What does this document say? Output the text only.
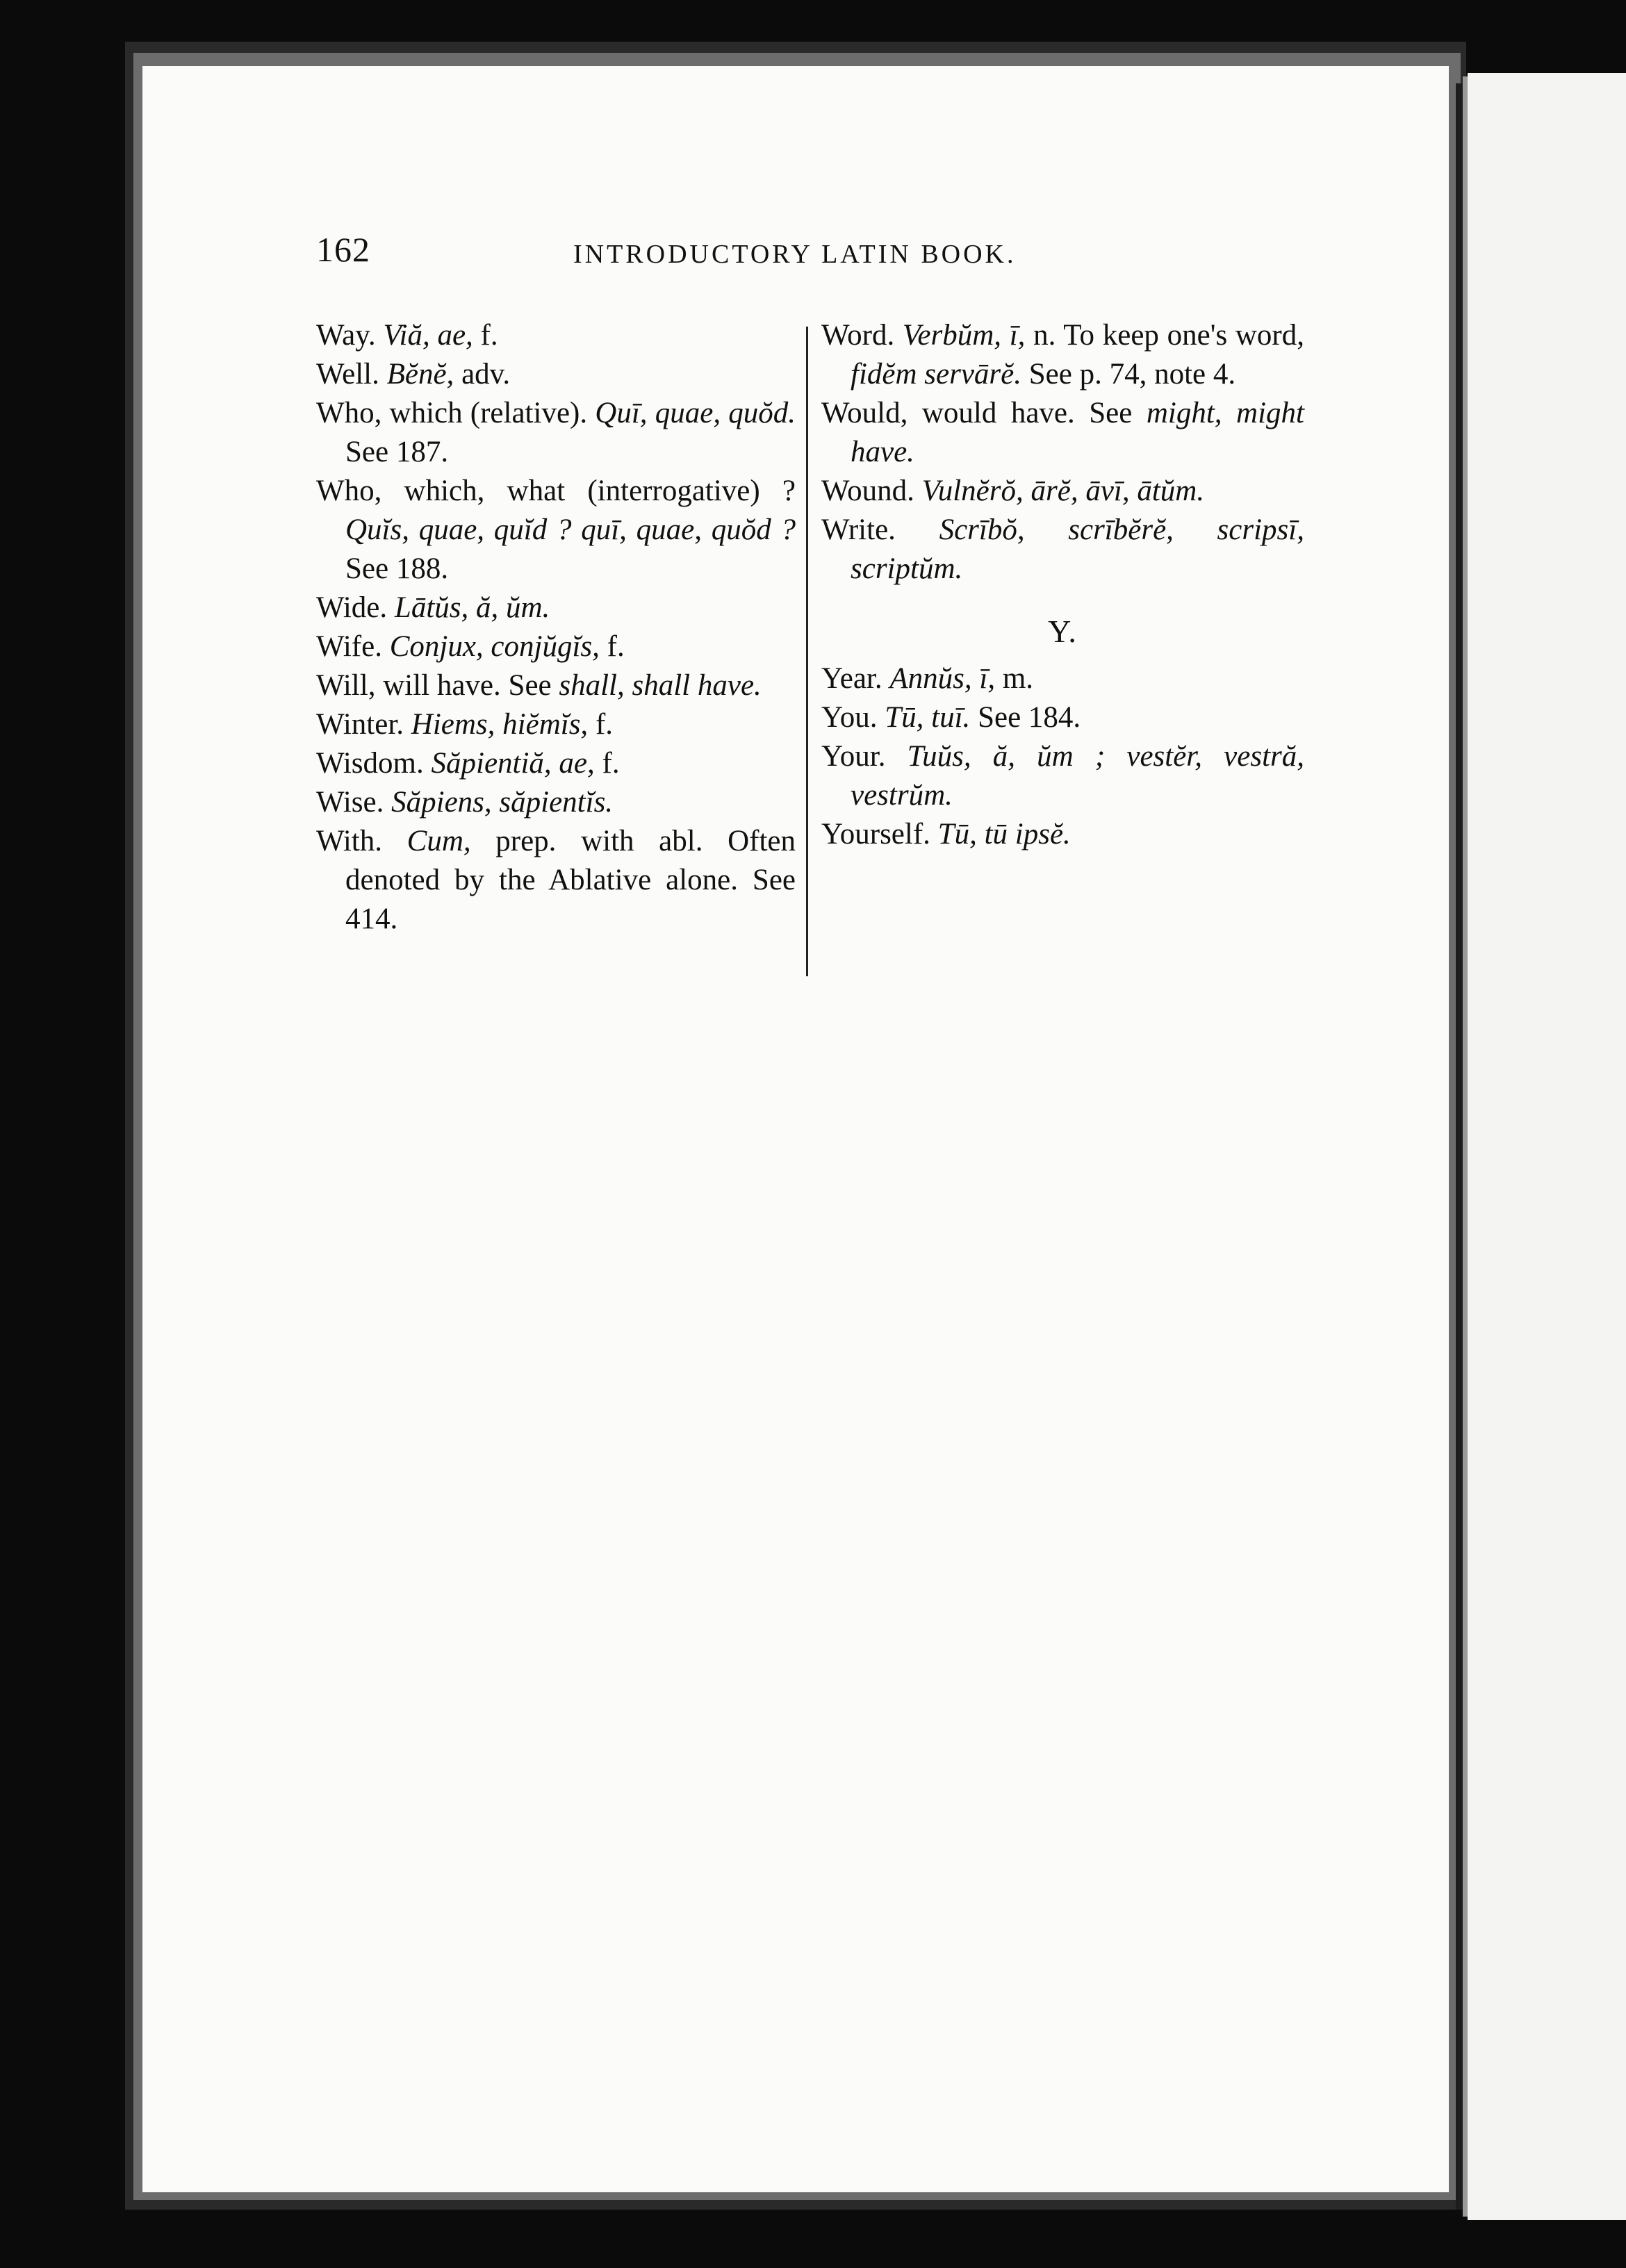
162	INTRODUCTORY LATIN BOOK.

Way. Viă, ae, f.

Well. Bĕnĕ, adv.

Who, which (relative). Quī, quae, quŏd. See 187.

Who, which, what (interrogative) ? Quĭs, quae, quĭd ? quī, quae, quŏd ? See 188.

Wide. Lātŭs, ă, ŭm.

Wife. Conjux, conjŭgĭs, f.

Will, will have. See shall, shall have.

Winter. Hiems, hiĕmĭs, f.

Wisdom. Săpientiă, ae, f.

Wise. Săpiens, săpientĭs.

With. Cum, prep. with abl. Often denoted by the Ablative alone. See 414.

Word. Verbŭm, ī, n. To keep one's word, fidĕm servārĕ. See p. 74, note 4.

Would, would have. See might, might have.

Wound. Vulnĕrŏ, ārĕ, āvī, ātŭm.

Write. Scrībŏ, scrībĕrĕ, scripsī, scriptŭm.

Y.

Year. Annŭs, ī, m.

You. Tū, tuī. See 184.

Your. Tuŭs, ă, ŭm ; vestĕr, vestră, vestrŭm.

Yourself. Tū, tū ipsĕ.
